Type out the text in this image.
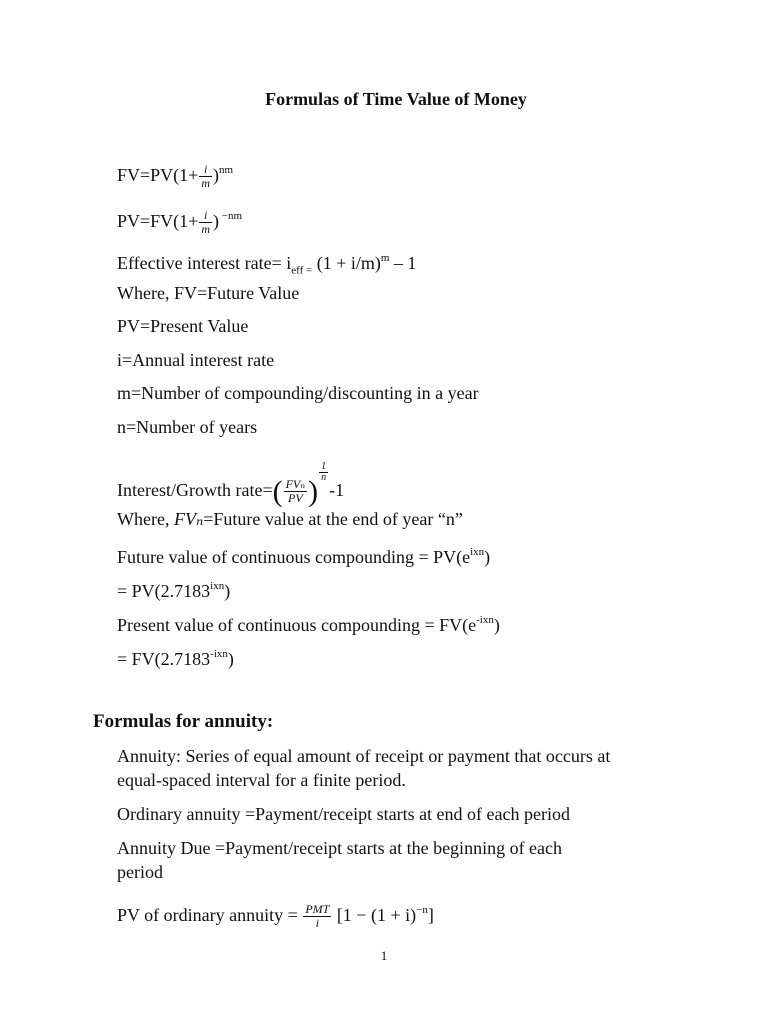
Formulas of Time Value of Money
$FV=PV(1+ \frac{i}{m} )^{nm}$
$PV=FV(1+ \frac{i}{m}$ ) $^{-nm}$
Effective interest rate= $i_{eff =}$ $(1 + i/m)^m - 1$
Where, FV=Future Value
PV=Present Value
i=Annual interest rate
m=Number of compounding/discounting in a year
n=Number of years
Interest/Growth rate=( $\frac{\text{FVₙ}}{PV}$ )
$\frac{1}{n}$
-1
Where, FVₙ=Future value at the end of year “n”
Future value of continuous compounding = $PV(e^{ixn})$
= $PV(2.7183^{ixn})$
Present value of continuous compounding = $FV(e^{-ixn})$
= $FV(2.7183^{-ixn})$
Formulas for annuity:
Annuity: Series of equal amount of receipt or payment that occurs at
equal-spaced interval for a finite period.
Ordinary annuity =Payment/receipt starts at end of each period
Annuity Due =Payment/receipt starts at the beginning of each
period
PV of ordinary annuity = $\frac{\text{PMT}}{i} [1 - (1 + i)^{-n}]$
1
